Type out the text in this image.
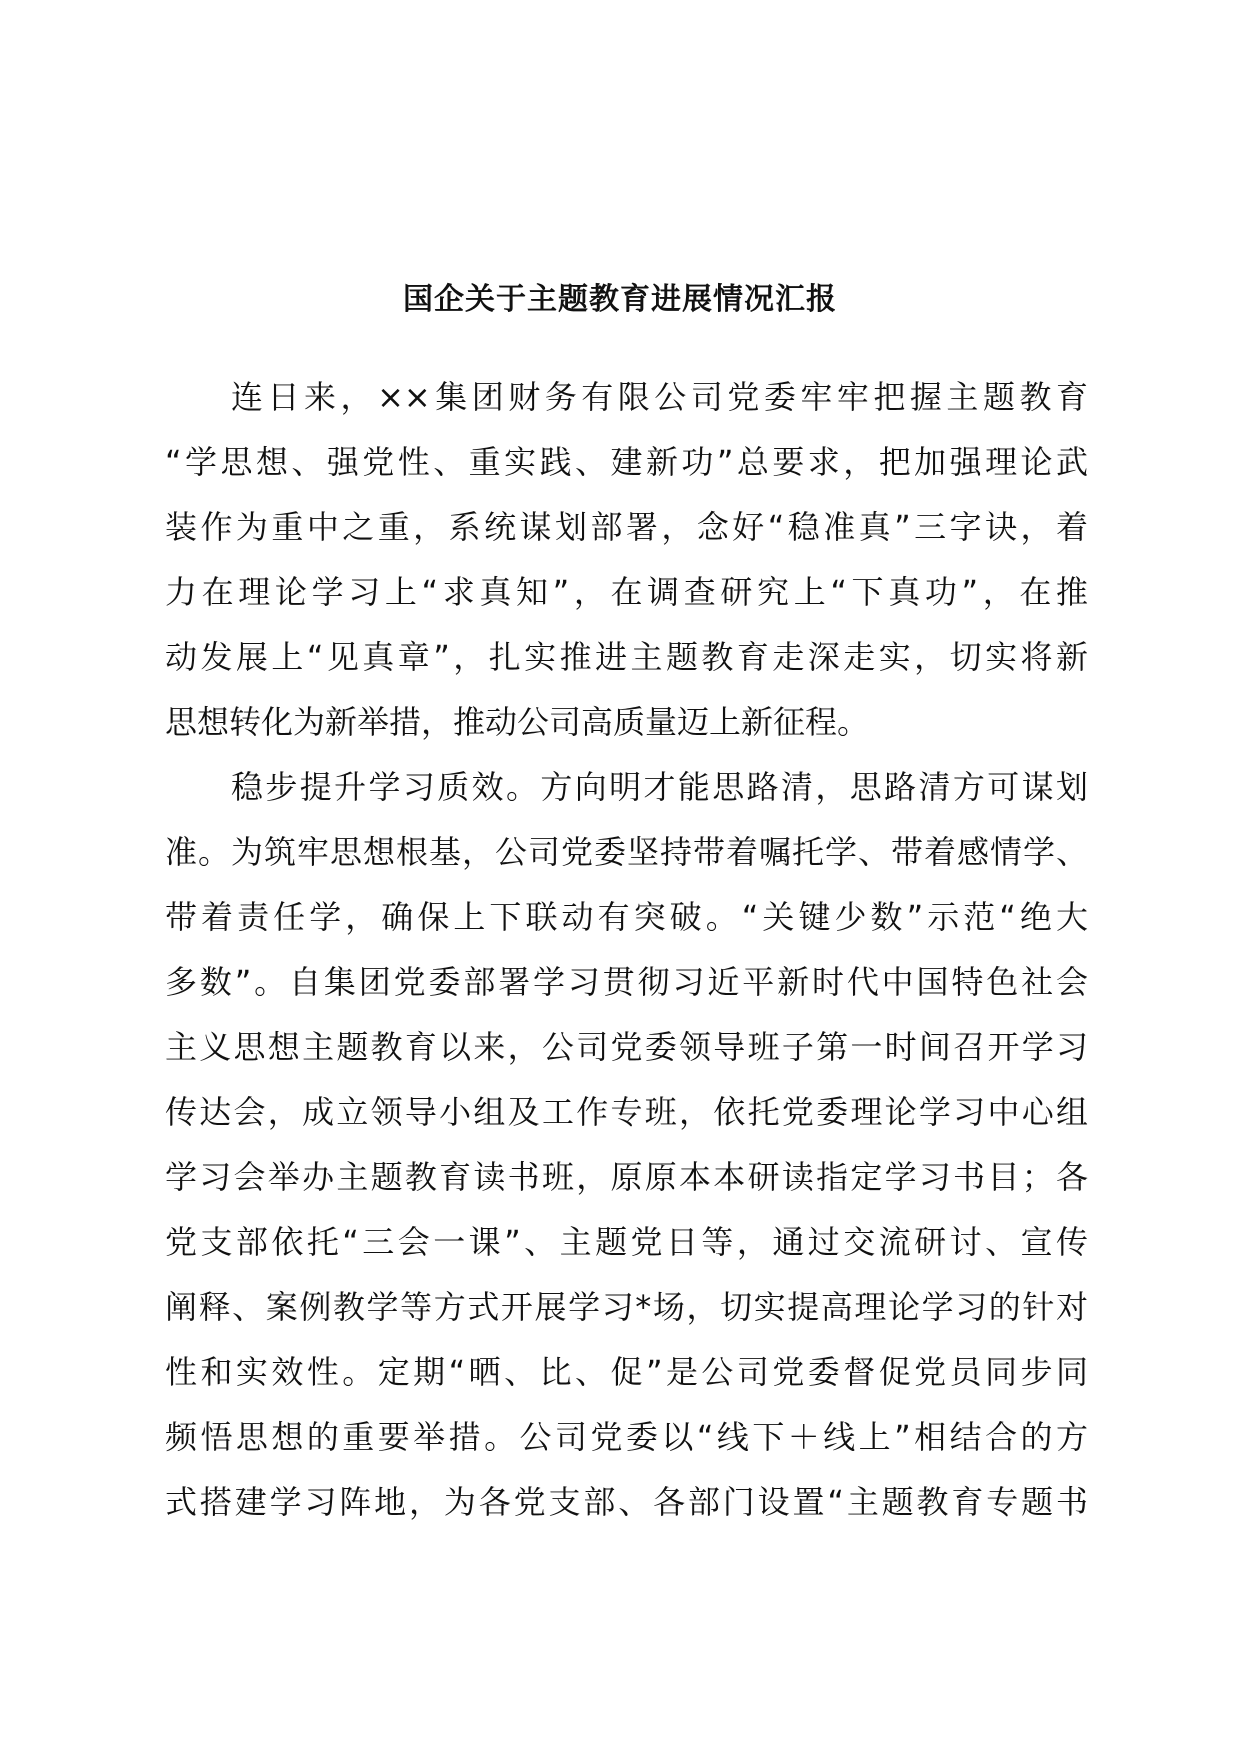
国企关于主题教育进展情况汇报
连日来，××集团财务有限公司党委牢牢把握主题教育
“学思想、强党性、重实践、建新功”总要求，把加强理论武
装作为重中之重，系统谋划部署，念好“稳准真”三字诀，着
力在理论学习上“求真知”，在调查研究上“下真功”，在推
动发展上“见真章”，扎实推进主题教育走深走实，切实将新
思想转化为新举措，推动公司高质量迈上新征程。
稳步提升学习质效。方向明才能思路清，思路清方可谋划
准。为筑牢思想根基，公司党委坚持带着嘱托学、带着感情学、
带着责任学，确保上下联动有突破。“关键少数”示范“绝大
多数”。自集团党委部署学习贯彻习近平新时代中国特色社会
主义思想主题教育以来，公司党委领导班子第一时间召开学习
传达会，成立领导小组及工作专班，依托党委理论学习中心组
学习会举办主题教育读书班，原原本本研读指定学习书目；各
党支部依托“三会一课”、主题党日等，通过交流研讨、宣传
阐释、案例教学等方式开展学习*场，切实提高理论学习的针对
性和实效性。定期“晒、比、促”是公司党委督促党员同步同
频悟思想的重要举措。公司党委以“线下＋线上”相结合的方
式搭建学习阵地，为各党支部、各部门设置“主题教育专题书
